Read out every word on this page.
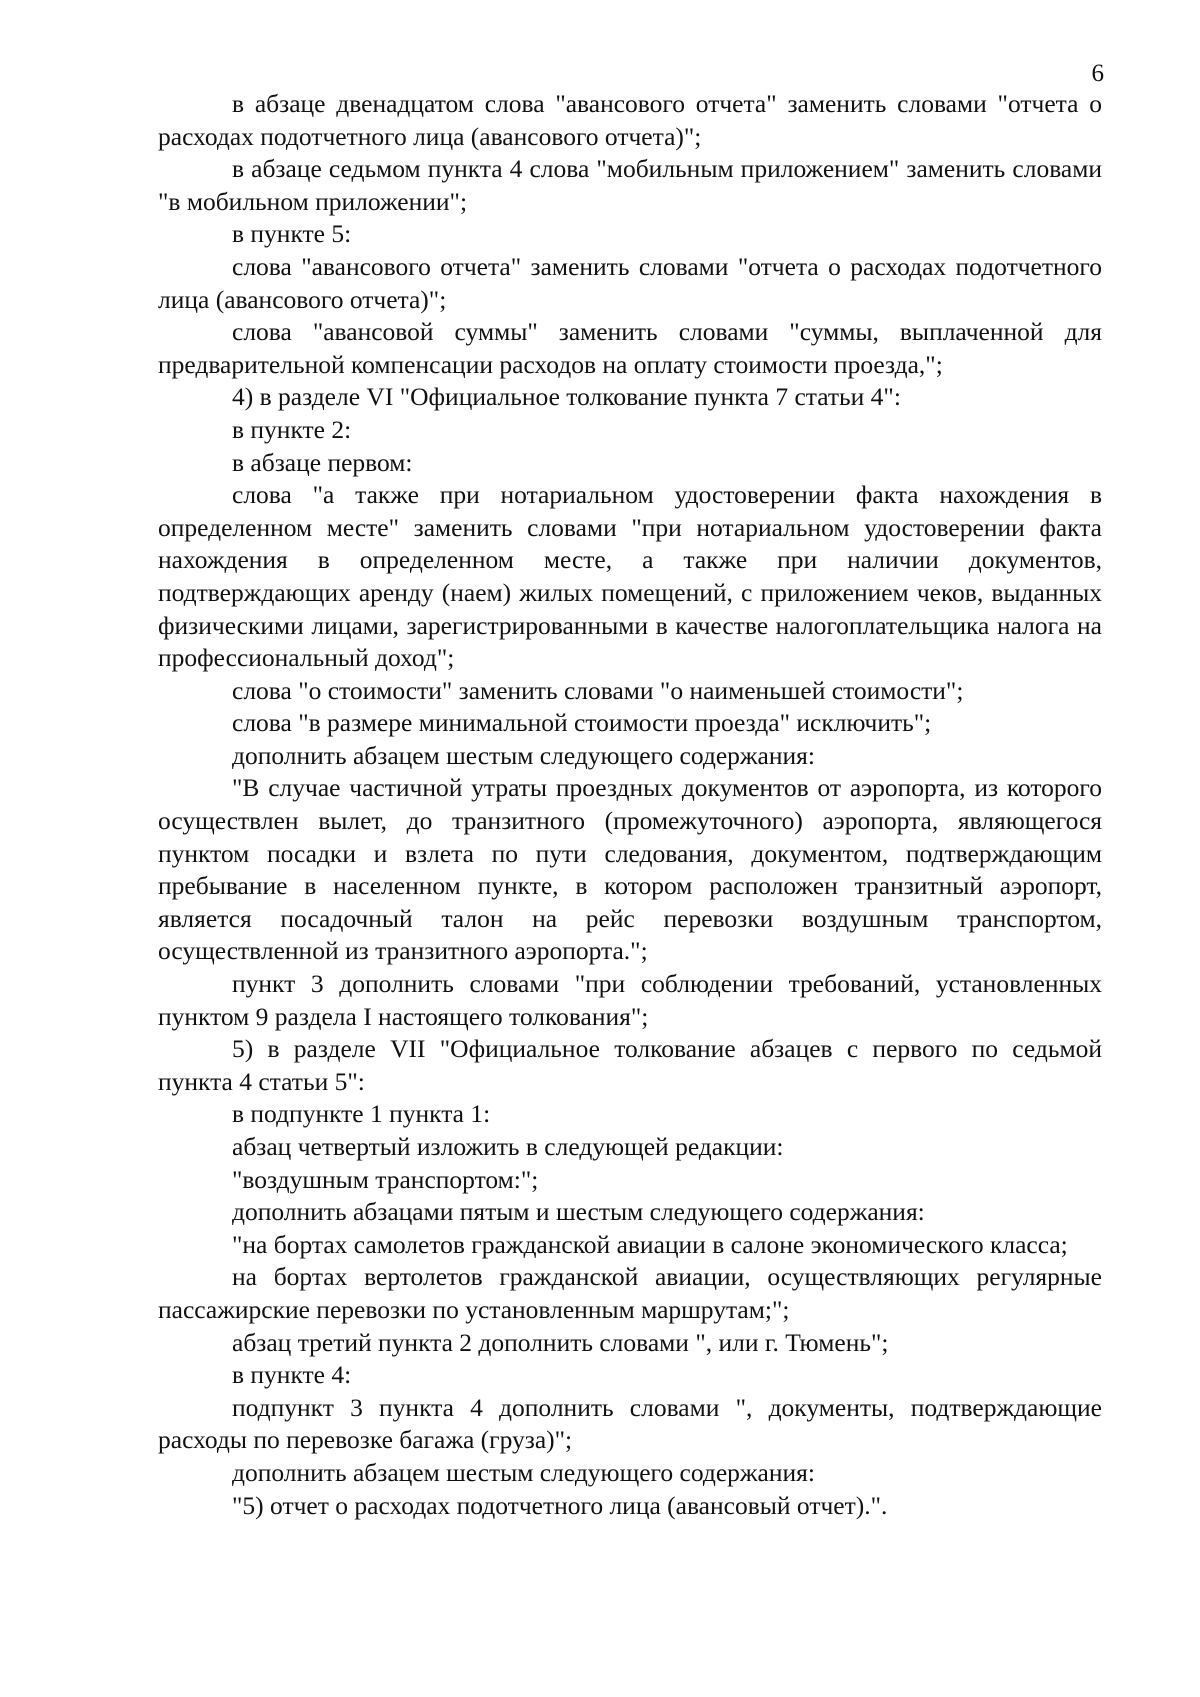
6

в абзаце двенадцатом слова "авансового отчета" заменить словами "отчета о расходах подотчетного лица (авансового отчета)";

в абзаце седьмом пункта 4 слова "мобильным приложением" заменить словами "в мобильном приложении";

в пункте 5:

слова "авансового отчета" заменить словами "отчета о расходах подотчетного лица (авансового отчета)";

слова "авансовой суммы" заменить словами "суммы, выплаченной для предварительной компенсации расходов на оплату стоимости проезда,";

4) в разделе VI "Официальное толкование пункта 7 статьи 4":

в пункте 2:

в абзаце первом:

слова "а также при нотариальном удостоверении факта нахождения в определенном месте" заменить словами "при нотариальном удостоверении факта нахождения в определенном месте, а также при наличии документов, подтверждающих аренду (наем) жилых помещений, с приложением чеков, выданных физическими лицами, зарегистрированными в качестве налогоплательщика налога на профессиональный доход";

слова "о стоимости" заменить словами "о наименьшей стоимости";

слова "в размере минимальной стоимости проезда" исключить";

дополнить абзацем шестым следующего содержания:

"В случае частичной утраты проездных документов от аэропорта, из которого осуществлен вылет, до транзитного (промежуточного) аэропорта, являющегося пунктом посадки и взлета по пути следования, документом, подтверждающим пребывание в населенном пункте, в котором расположен транзитный аэропорт, является посадочный талон на рейс перевозки воздушным транспортом, осуществленной из транзитного аэропорта.";

пункт 3 дополнить словами "при соблюдении требований, установленных пунктом 9 раздела I настоящего толкования";

5) в разделе VII "Официальное толкование абзацев с первого по седьмой пункта 4 статьи 5":

в подпункте 1 пункта 1:

абзац четвертый изложить в следующей редакции:

"воздушным транспортом:";

дополнить абзацами пятым и шестым следующего содержания:

"на бортах самолетов гражданской авиации в салоне экономического класса;

на бортах вертолетов гражданской авиации, осуществляющих регулярные пассажирские перевозки по установленным маршрутам;";

абзац третий пункта 2 дополнить словами ", или г. Тюмень";

в пункте 4:

подпункт 3 пункта 4 дополнить словами ", документы, подтверждающие расходы по перевозке багажа (груза)";

дополнить абзацем шестым следующего содержания:

"5) отчет о расходах подотчетного лица (авансовый отчет).".
